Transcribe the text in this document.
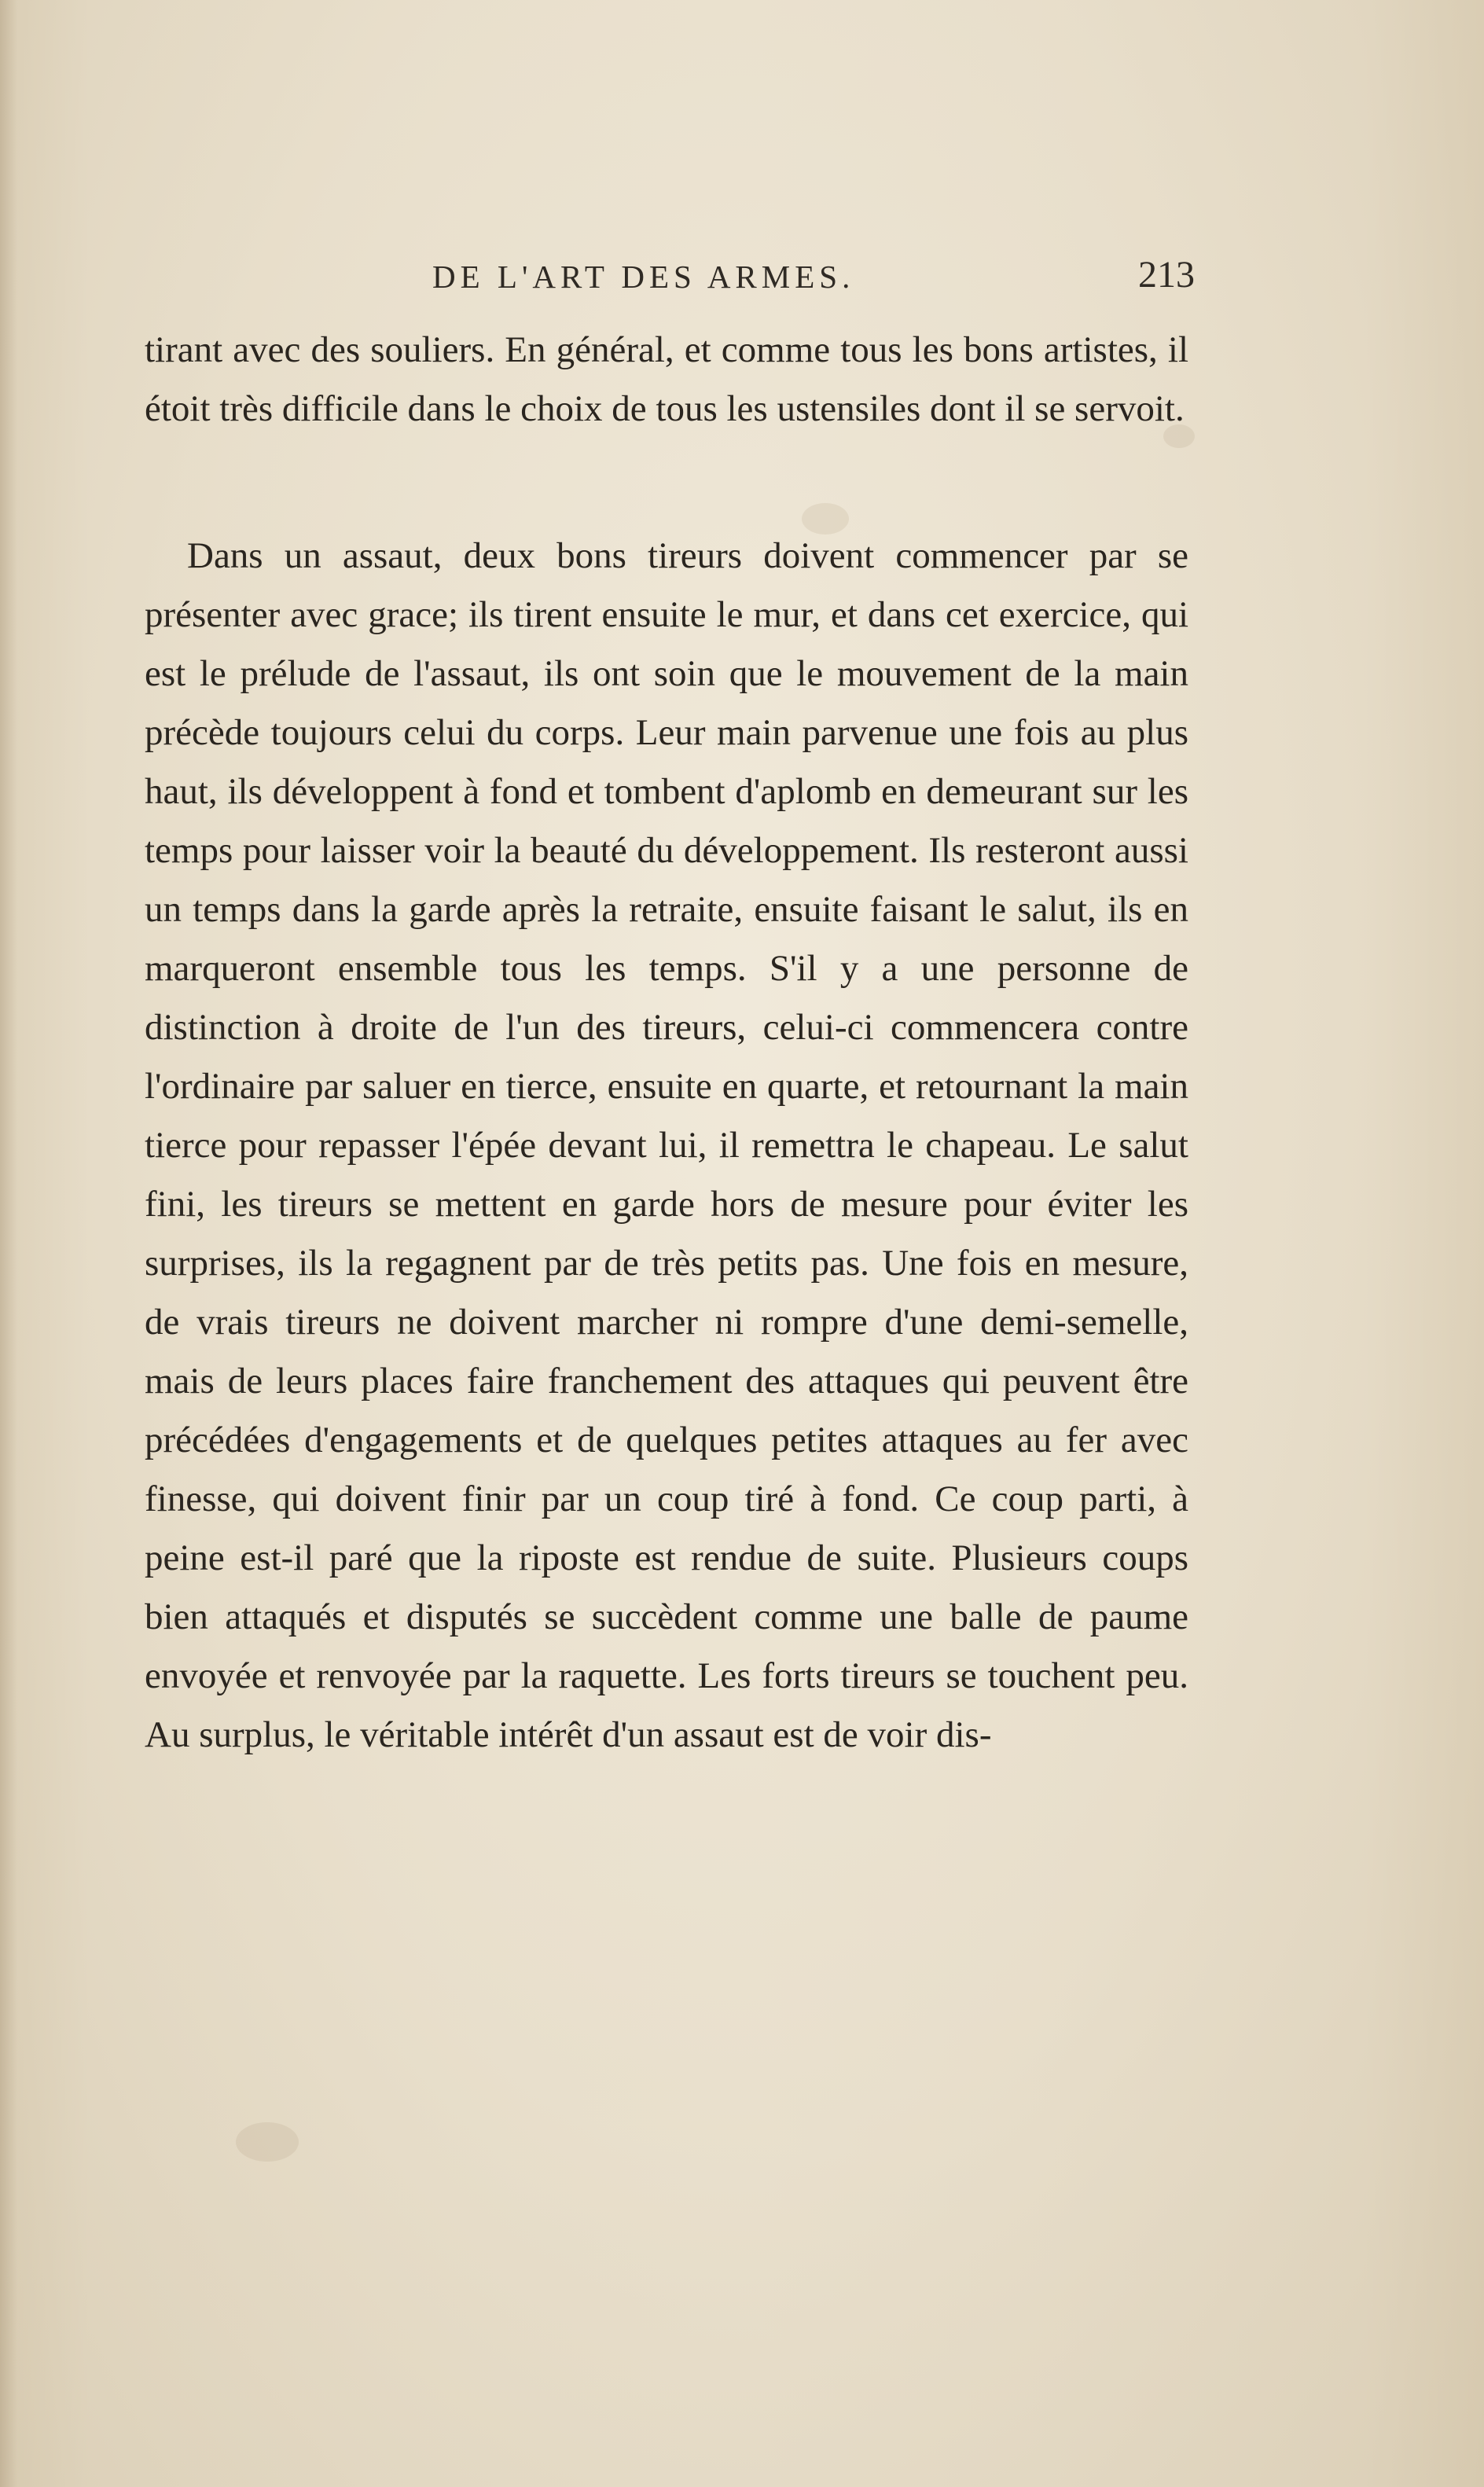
DE L'ART DES ARMES.	213

tirant avec des souliers. En général, et comme tous les bons artistes, il étoit très difficile dans le choix de tous les ustensiles dont il se servoit.

Dans un assaut, deux bons tireurs doivent commencer par se présenter avec grace; ils tirent ensuite le mur, et dans cet exercice, qui est le prélude de l'assaut, ils ont soin que le mouvement de la main précède toujours celui du corps. Leur main parvenue une fois au plus haut, ils développent à fond et tombent d'aplomb en demeurant sur les temps pour laisser voir la beauté du développement. Ils resteront aussi un temps dans la garde après la retraite, ensuite faisant le salut, ils en marqueront ensemble tous les temps. S'il y a une personne de distinction à droite de l'un des tireurs, celui-ci commencera contre l'ordinaire par saluer en tierce, ensuite en quarte, et retournant la main tierce pour repasser l'épée devant lui, il remettra le chapeau. Le salut fini, les tireurs se mettent en garde hors de mesure pour éviter les surprises, ils la regagnent par de très petits pas. Une fois en mesure, de vrais tireurs ne doivent marcher ni rompre d'une demi-semelle, mais de leurs places faire franchement des attaques qui peuvent être précédées d'engagements et de quelques petites attaques au fer avec finesse, qui doivent finir par un coup tiré à fond. Ce coup parti, à peine est-il paré que la riposte est rendue de suite. Plusieurs coups bien attaqués et disputés se succèdent comme une balle de paume envoyée et renvoyée par la raquette. Les forts tireurs se touchent peu. Au surplus, le véritable intérêt d'un assaut est de voir dis-
